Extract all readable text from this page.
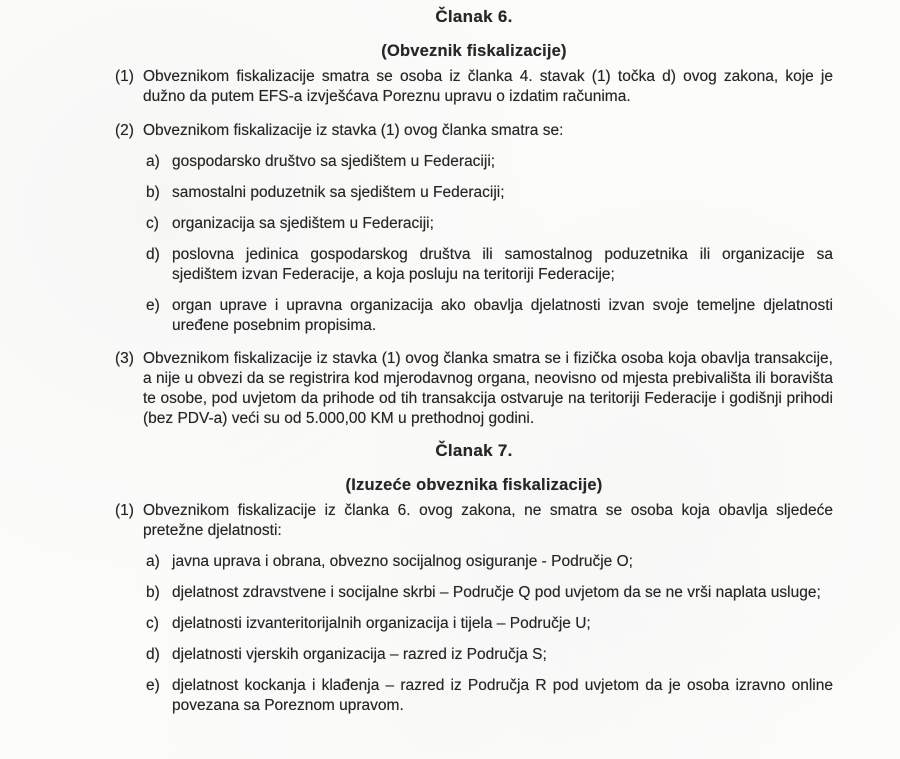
Članak 6.
(Obveznik fiskalizacije)
(1) Obveznikom fiskalizacije smatra se osoba iz članka 4. stavak (1) točka d) ovog zakona, koje je dužno da putem EFS-a izvješćava Poreznu upravu o izdatim računima.

(2) Obveznikom fiskalizacije iz stavka (1) ovog članka smatra se:

a) gospodarsko društvo sa sjedištem u Federaciji;

b) samostalni poduzetnik sa sjedištem u Federaciji;

c) organizacija sa sjedištem u Federaciji;

d) poslovna jedinica gospodarskog društva ili samostalnog poduzetnika ili organizacije sa sjedištem izvan Federacije, a koja posluju na teritoriji Federacije;

e) organ uprave i upravna organizacija ako obavlja djelatnosti izvan svoje temeljne djelatnosti uređene posebnim propisima.

(3) Obveznikom fiskalizacije iz stavka (1) ovog članka smatra se i fizička osoba koja obavlja transakcije, a nije u obvezi da se registrira kod mjerodavnog organa, neovisno od mjesta prebivališta ili boravišta te osobe, pod uvjetom da prihode od tih transakcija ostvaruje na teritoriji Federacije i godišnji prihodi (bez PDV-a) veći su od 5.000,00 KM u prethodnoj godini.

Članak 7.
(Izuzeće obveznika fiskalizacije)
(1) Obveznikom fiskalizacije iz članka 6. ovog zakona, ne smatra se osoba koja obavlja sljedeće pretežne djelatnosti:

a) javna uprava i obrana, obvezno socijalnog osiguranje - Područje O;

b) djelatnost zdravstvene i socijalne skrbi – Područje Q pod uvjetom da se ne vrši naplata usluge;

c) djelatnosti izvanteritorijalnih organizacija i tijela – Područje U;

d) djelatnosti vjerskih organizacija – razred iz Područja S;

e) djelatnost kockanja i klađenja – razred iz Područja R pod uvjetom da je osoba izravno online povezana sa Poreznom upravom.
